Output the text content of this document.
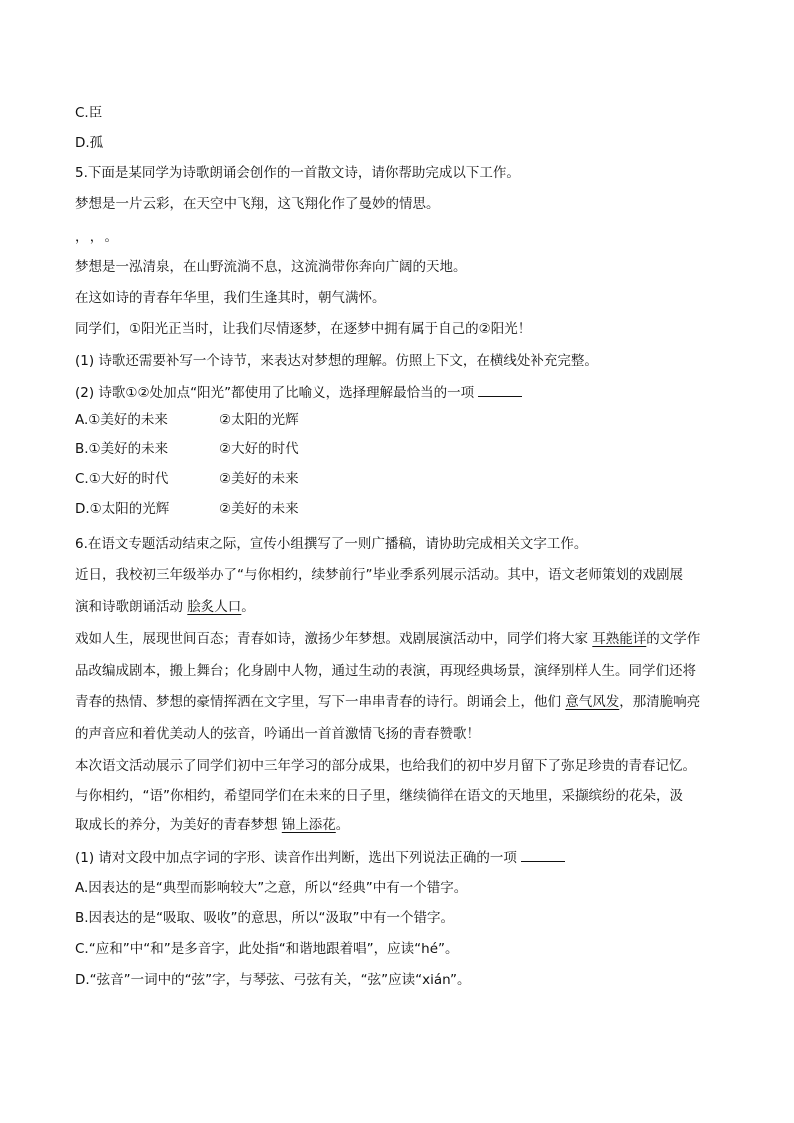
C.臣
D.孤
5.下面是某同学为诗歌朗诵会创作的一首散文诗，请你帮助完成以下工作。
梦想是一片云彩，在天空中飞翔，这飞翔化作了曼妙的情思。
，，。
梦想是一泓清泉，在山野流淌不息，这流淌带你奔向广阔的天地。
在这如诗的青春年华里，我们生逢其时，朝气满怀。
同学们，①阳光正当时，让我们尽情逐梦，在逐梦中拥有属于自己的②阳光！
(1) 诗歌还需要补写一个诗节，来表达对梦想的理解。仿照上下文，在横线处补充完整。
(2) 诗歌①②处加点“阳光”都使用了比喻义，选择理解最恰当的一项
A.①美好的未来	②太阳的光辉
B.①美好的未来	②大好的时代
C.①大好的时代	②美好的未来
D.①太阳的光辉	②美好的未来
6.在语文专题活动结束之际，宣传小组撰写了一则广播稿，请协助完成相关文字工作。
近日，我校初三年级举办了“与你相约，续梦前行”毕业季系列展示活动。其中，语文老师策划的戏剧展
演和诗歌朗诵活动 脍炙人口。
戏如人生，展现世间百态；青春如诗，激扬少年梦想。戏剧展演活动中，同学们将大家 耳熟能详的文学作
品改编成剧本，搬上舞台；化身剧中人物，通过生动的表演，再现经典场景，演绎别样人生。同学们还将
青春的热情、梦想的豪情挥洒在文字里，写下一串串青春的诗行。朗诵会上，他们 意气风发，那清脆响亮
的声音应和着优美动人的弦音，吟诵出一首首激情飞扬的青春赞歌！
本次语文活动展示了同学们初中三年学习的部分成果，也给我们的初中岁月留下了弥足珍贵的青春记忆。
与你相约，“语”你相约，希望同学们在未来的日子里，继续徜徉在语文的天地里，采撷缤纷的花朵，汲
取成长的养分，为美好的青春梦想 锦上添花。
(1) 请对文段中加点字词的字形、读音作出判断，选出下列说法正确的一项
A.因表达的是“典型而影响较大”之意，所以“经典”中有一个错字。
B.因表达的是“吸取、吸收”的意思，所以“汲取”中有一个错字。
C.“应和”中“和”是多音字，此处指“和谐地跟着唱”，应读“hé”。
D.“弦音”一词中的“弦”字，与琴弦、弓弦有关，“弦”应读“xián”。
